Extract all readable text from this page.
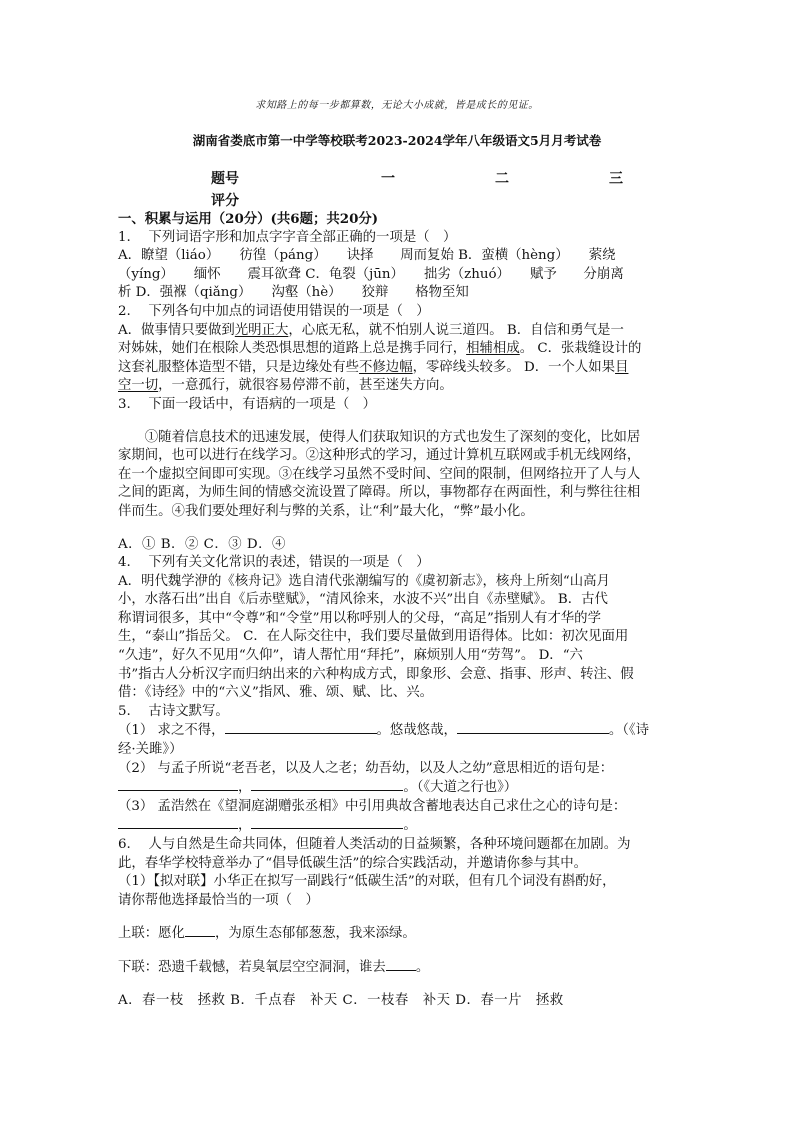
求知路上的每一步都算数，无论大小成就，皆是成长的见证。
湖南省娄底市第一中学等校联考2023-2024学年八年级语文5月月考试卷
题号	一	二	三
评分

一、积累与运用（20分）(共6题；共20分)

1.　 下列词语字形和加点字字音全部正确的一项是（　）

A．瞭望（liáo）　　彷徨（páng）　　诀择　　周而复始 B．蛮横（hèng）　　萦绕

（yíng）　　缅怀　　震耳欲聋 C．龟裂（jūn）　　拙劣（zhuó）　　赋予　　分崩离

析 D．强褓（qiǎng）　　沟壑（hè）　　狡辩　　格物至知

2.　 下列各句中加点的词语使用错误的一项是（　）

A．做事情只要做到光明正大，心底无私，就不怕别人说三道四。 B．自信和勇气是一

对姊妹，她们在根除人类恐惧思想的道路上总是携手同行，相辅相成。 C．张栽缝设计的

这套礼服整体造型不错，只是边缘处有些不修边幅，零碎线头较多。 D．一个人如果目

空一切，一意孤行，就很容易停滞不前，甚至迷失方向。

3.　 下面一段话中，有语病的一项是（　）

①随着信息技术的迅速发展，使得人们获取知识的方式也发生了深刻的变化，比如居

家期间，也可以进行在线学习。②这种形式的学习，通过计算机互联网或手机无线网络，

在一个虚拟空间即可实现。③在线学习虽然不受时间、空间的限制，但网络拉开了人与人

之间的距离，为师生间的情感交流设置了障碍。所以，事物都存在两面性，利与弊往往相

伴而生。④我们要处理好利与弊的关系，让“利”最大化，“弊”最小化。

A．① B．② C．③ D．④

4.　 下列有关文化常识的表述，错误的一项是（　）

A．明代魏学洢的《核舟记》选自清代张潮编写的《虞初新志》，核舟上所刻“山高月

小，水落石出”出自《后赤壁赋》，“清风徐来，水波不兴”出自《赤壁赋》。 B．古代

称谓词很多，其中“令尊”和“令堂”用以称呼别人的父母，“高足”指别人有才华的学

生，“泰山”指岳父。 C．在人际交往中，我们要尽量做到用语得体。比如：初次见面用

“久违”，好久不见用“久仰”，请人帮忙用“拜托”，麻烦别人用“劳驾”。 D．“六

书”指古人分析汉字而归纳出来的六种构成方式，即象形、会意、指事、形声、转注、假

借：《诗经》中的“六义”指风、雅、颂、赋、比、兴。

5.　 古诗文默写。

（1） 求之不得，	。悠哉悠哉，	。（《诗

经·关雎》）

（2） 与孟子所说“老吾老，以及人之老；幼吾幼，以及人之幼”意思相近的语句是：

，	。（《大道之行也》）

（3） 孟浩然在《望洞庭湖赠张丞相》中引用典故含蓄地表达自己求仕之心的诗句是：

，	。

6.　 人与自然是生命共同体，但随着人类活动的日益频繁，各种环境问题都在加剧。为

此，春华学校特意举办了“倡导低碳生活”的综合实践活动，并邀请你参与其中。

（1）【拟对联】小华正在拟写一副践行“低碳生活”的对联，但有几个词没有斟酌好，

请你帮他选择最恰当的一项（　）

上联：愿化 ，为原生态郁郁葱葱，我来添绿。

下联：恐遗千载憾，若臭氧层空空洞洞，谁去 。

A．春一枝　拯救 B．千点春　补天 C．一枝春　补天 D．春一片　拯救
